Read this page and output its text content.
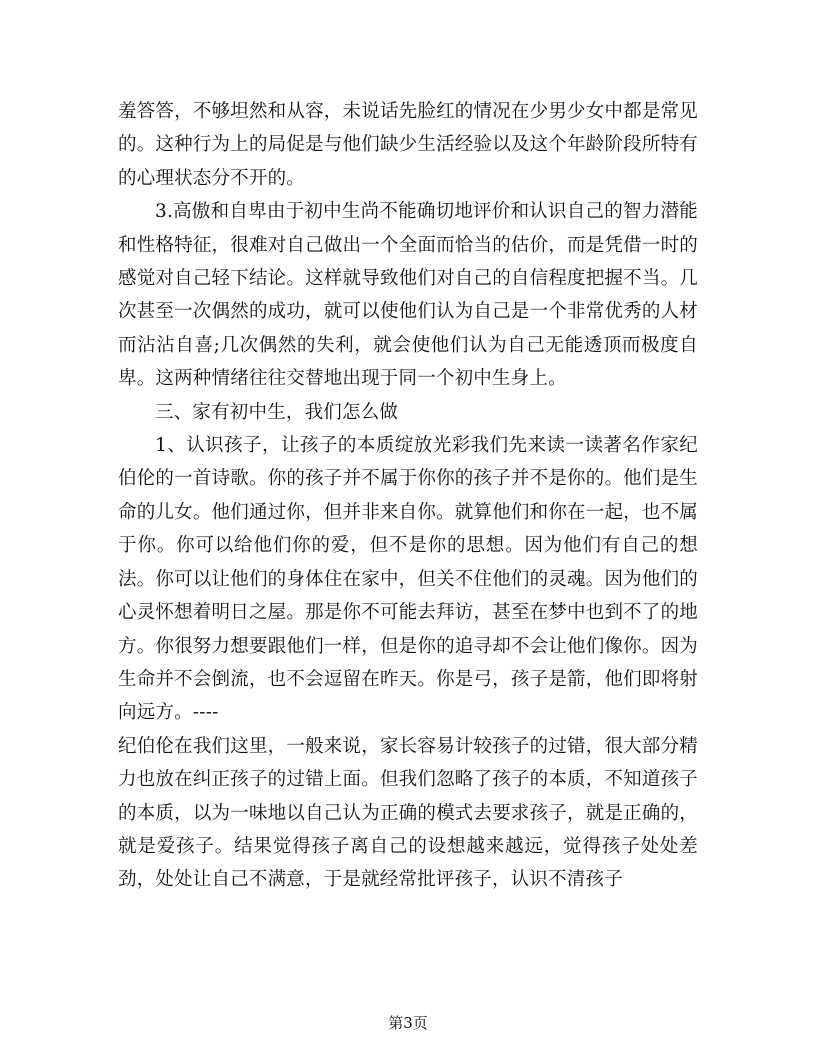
羞答答，不够坦然和从容，未说话先脸红的情况在少男少女中都是常见的。这种行为上的局促是与他们缺少生活经验以及这个年龄阶段所特有的心理状态分不开的。

3.高傲和自卑由于初中生尚不能确切地评价和认识自己的智力潜能和性格特征，很难对自己做出一个全面而恰当的估价，而是凭借一时的感觉对自己轻下结论。这样就导致他们对自己的自信程度把握不当。几次甚至一次偶然的成功，就可以使他们认为自己是一个非常优秀的人材而沾沾自喜;几次偶然的失利，就会使他们认为自己无能透顶而极度自卑。这两种情绪往往交替地出现于同一个初中生身上。

三、家有初中生，我们怎么做

1、认识孩子，让孩子的本质绽放光彩我们先来读一读著名作家纪伯伦的一首诗歌。你的孩子并不属于你你的孩子并不是你的。他们是生命的儿女。他们通过你，但并非来自你。就算他们和你在一起，也不属于你。你可以给他们你的爱，但不是你的思想。因为他们有自己的想法。你可以让他们的身体住在家中，但关不住他们的灵魂。因为他们的心灵怀想着明日之屋。那是你不可能去拜访，甚至在梦中也到不了的地方。你很努力想要跟他们一样，但是你的追寻却不会让他们像你。因为生命并不会倒流，也不会逗留在昨天。你是弓，孩子是箭，他们即将射向远方。----

纪伯伦在我们这里，一般来说，家长容易计较孩子的过错，很大部分精力也放在纠正孩子的过错上面。但我们忽略了孩子的本质，不知道孩子的本质，以为一味地以自己认为正确的模式去要求孩子，就是正确的，就是爱孩子。结果觉得孩子离自己的设想越来越远，觉得孩子处处差劲，处处让自己不满意，于是就经常批评孩子，认识不清孩子

第3页
